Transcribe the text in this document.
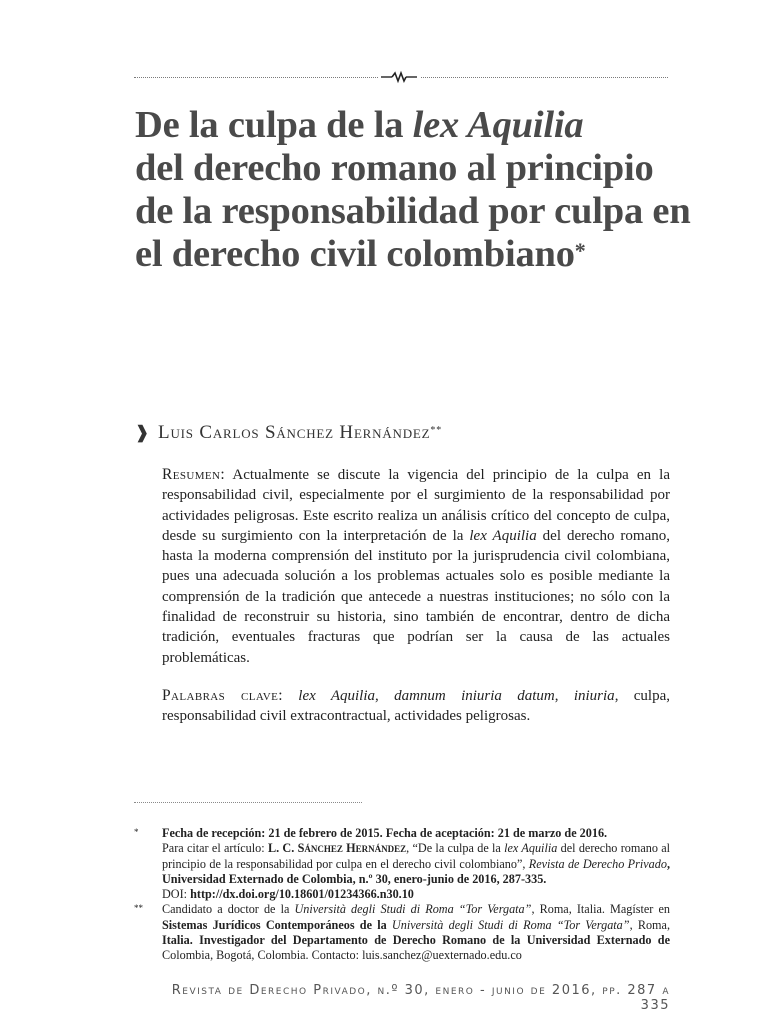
De la culpa de la lex Aquilia
del derecho romano al principio de la responsabilidad por culpa en el derecho civil colombiano*
❱ Luis Carlos Sánchez Hernández**

Resumen: Actualmente se discute la vigencia del principio de la culpa en la responsabilidad civil, especialmente por el surgimiento de la responsabilidad por actividades peligrosas. Este escrito realiza un análisis crítico del concepto de culpa, desde su surgimiento con la interpretación de la lex Aquilia del derecho romano, hasta la moderna comprensión del instituto por la jurisprudencia civil colombiana, pues una adecuada solución a los problemas actuales solo es posible mediante la comprensión de la tradición que antecede a nuestras instituciones; no sólo con la finalidad de reconstruir su historia, sino también de encontrar, dentro de dicha tradición, eventuales fracturas que podrían ser la causa de las actuales problemáticas.

Palabras clave: lex Aquilia, damnum iniuria datum, iniuria, culpa, responsabilidad civil extracontractual, actividades peligrosas.

* Fecha de recepción: 21 de febrero de 2015. Fecha de aceptación: 21 de marzo de 2016.
Para citar el artículo: L. C. Sánchez Hernández, “De la culpa de la lex Aquilia del derecho romano al principio de la responsabilidad por culpa en el derecho civil colombiano”, Revista de Derecho Privado, Universidad Externado de Colombia, n.º 30, enero-junio de 2016, 287-335.
DOI: http://dx.doi.org/10.18601/01234366.n30.10
** Candidato a doctor de la Università degli Studi di Roma “Tor Vergata”, Roma, Italia. Magíster en Sistemas Jurídicos Contemporáneos de la Università degli Studi di Roma “Tor Vergata”, Roma, Italia. Investigador del Departamento de Derecho Romano de la Universidad Externado de Colombia, Bogotá, Colombia. Contacto: luis.sanchez@uexternado.edu.co
Revista de Derecho Privado, n.º 30, enero - junio de 2016, pp. 287 a 335
